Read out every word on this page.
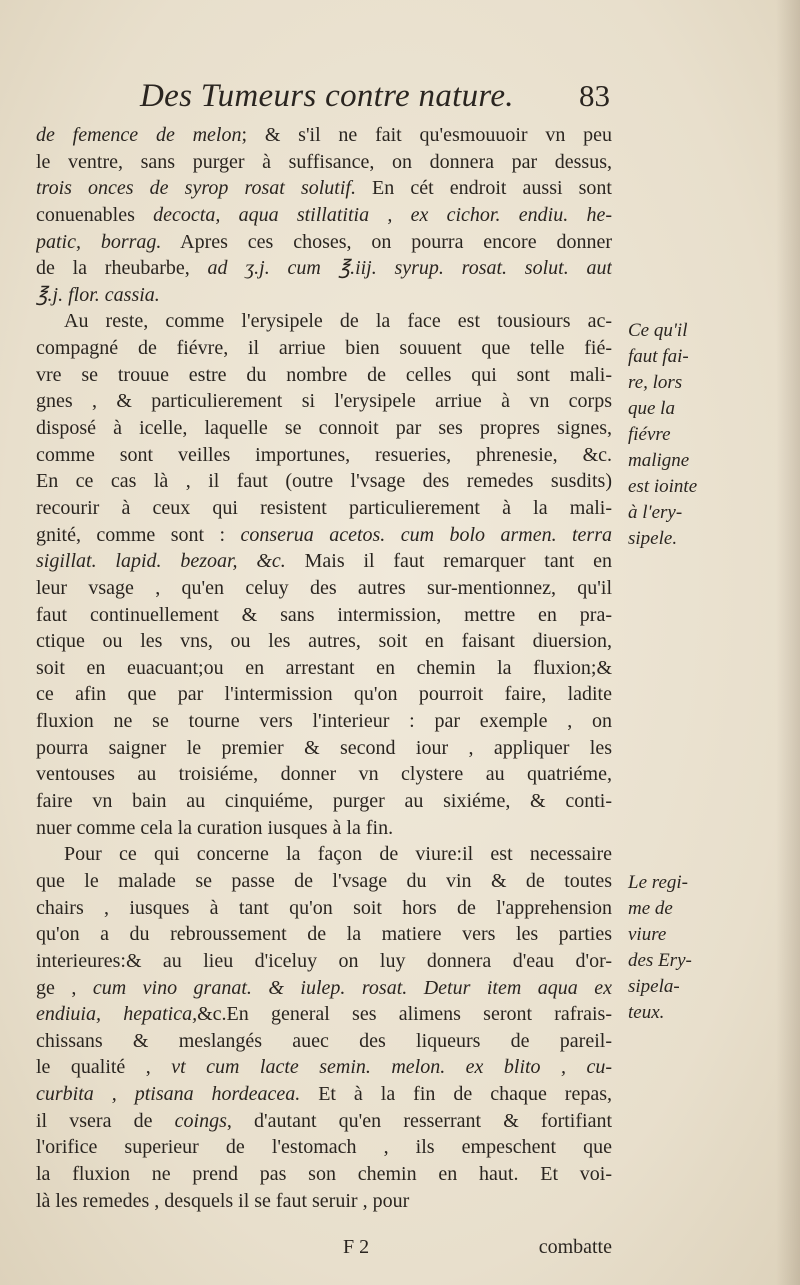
Des Tumeurs contre nature. 83
de femence de melon; & s'il ne fait qu'esmouuoir vn peu
le ventre, sans purger à suffisance, on donnera par dessus,
trois onces de syrop rosat solutif. En cét endroit aussi sont
conuenables decocta, aqua stillatitia , ex cichor. endiu. he-
patic, borrag. Apres ces choses, on pourra encore donner
de la rheubarbe, ad ʒ.j. cum ℥.iij. syrup. rosat. solut. aut
℥.j. flor. cassia.
Au reste, comme l'erysipele de la face est tousiours ac-
compagné de fiévre, il arriue bien souuent que telle fié-
vre se trouue estre du nombre de celles qui sont mali-
gnes , & particulierement si l'erysipele arriue à vn corps
disposé à icelle, laquelle se connoit par ses propres signes,
comme sont veilles importunes, resueries, phrenesie, &c.
En ce cas là , il faut (outre l'vsage des remedes susdits)
recourir à ceux qui resistent particulierement à la mali-
gnité, comme sont : conserua acetos. cum bolo armen. terra
sigillat. lapid. bezoar, &c. Mais il faut remarquer tant en
leur vsage , qu'en celuy des autres sur-mentionnez, qu'il
faut continuellement & sans intermission, mettre en pra-
ctique ou les vns, ou les autres, soit en faisant diuersion,
soit en euacuant;ou en arrestant en chemin la fluxion;&
ce afin que par l'intermission qu'on pourroit faire, ladite
fluxion ne se tourne vers l'interieur : par exemple , on
pourra saigner le premier & second iour , appliquer les
ventouses au troisiéme, donner vn clystere au quatriéme,
faire vn bain au cinquiéme, purger au sixiéme, & conti-
nuer comme cela la curation iusques à la fin.
Pour ce qui concerne la façon de viure:il est necessaire
que le malade se passe de l'vsage du vin & de toutes
chairs , iusques à tant qu'on soit hors de l'apprehension
qu'on a du rebroussement de la matiere vers les parties
interieures:& au lieu d'iceluy on luy donnera d'eau d'or-
ge , cum vino granat. & iulep. rosat. Detur item aqua ex
endiuia, hepatica,&c.En general ses alimens seront rafrais-
chissans & meslangés auec des liqueurs de pareil-
le qualité , vt cum lacte semin. melon. ex blito , cu-
curbita , ptisana hordeacea. Et à la fin de chaque repas,
il vsera de coings, d'autant qu'en resserrant & fortifiant
l'orifice superieur de l'estomach , ils empeschent que
la fluxion ne prend pas son chemin en haut. Et voi-
là les remedes , desquels il se faut seruir , pour
Ce qu'il
faut fai-
re, lors
que la
fiévre
maligne
est iointe
à l'ery-
sipele.
Le regi-
me de
viure
des Ery-
sipela-
teux.
F 2	combatte
